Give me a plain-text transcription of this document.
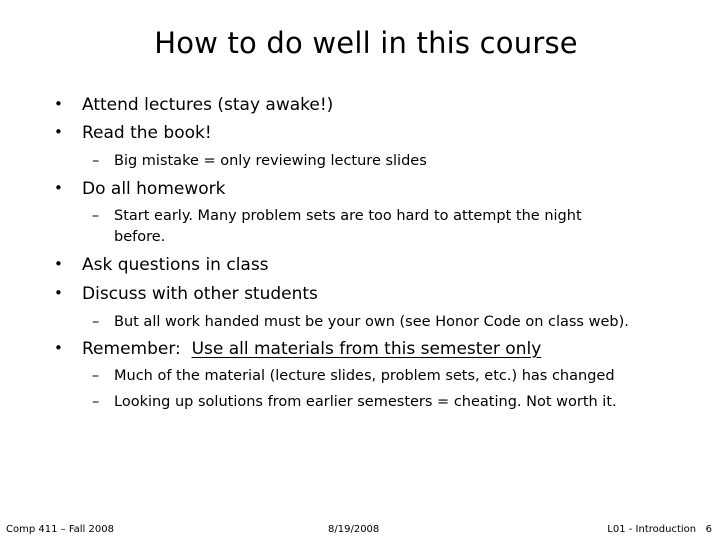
How to do well in this course
• Attend lectures (stay awake!)
• Read the book!
– Big mistake = only reviewing lecture slides
• Do all homework
– Start early. Many problem sets are too hard to attempt the night before.
• Ask questions in class
• Discuss with other students
– But all work handed must be your own (see Honor Code on class web).
• Remember:  Use all materials from this semester only
– Much of the material (lecture slides, problem sets, etc.) has changed
– Looking up solutions from earlier semesters = cheating. Not worth it.
Comp 411 – Fall 2008	8/19/2008	L01 - Introduction   6
